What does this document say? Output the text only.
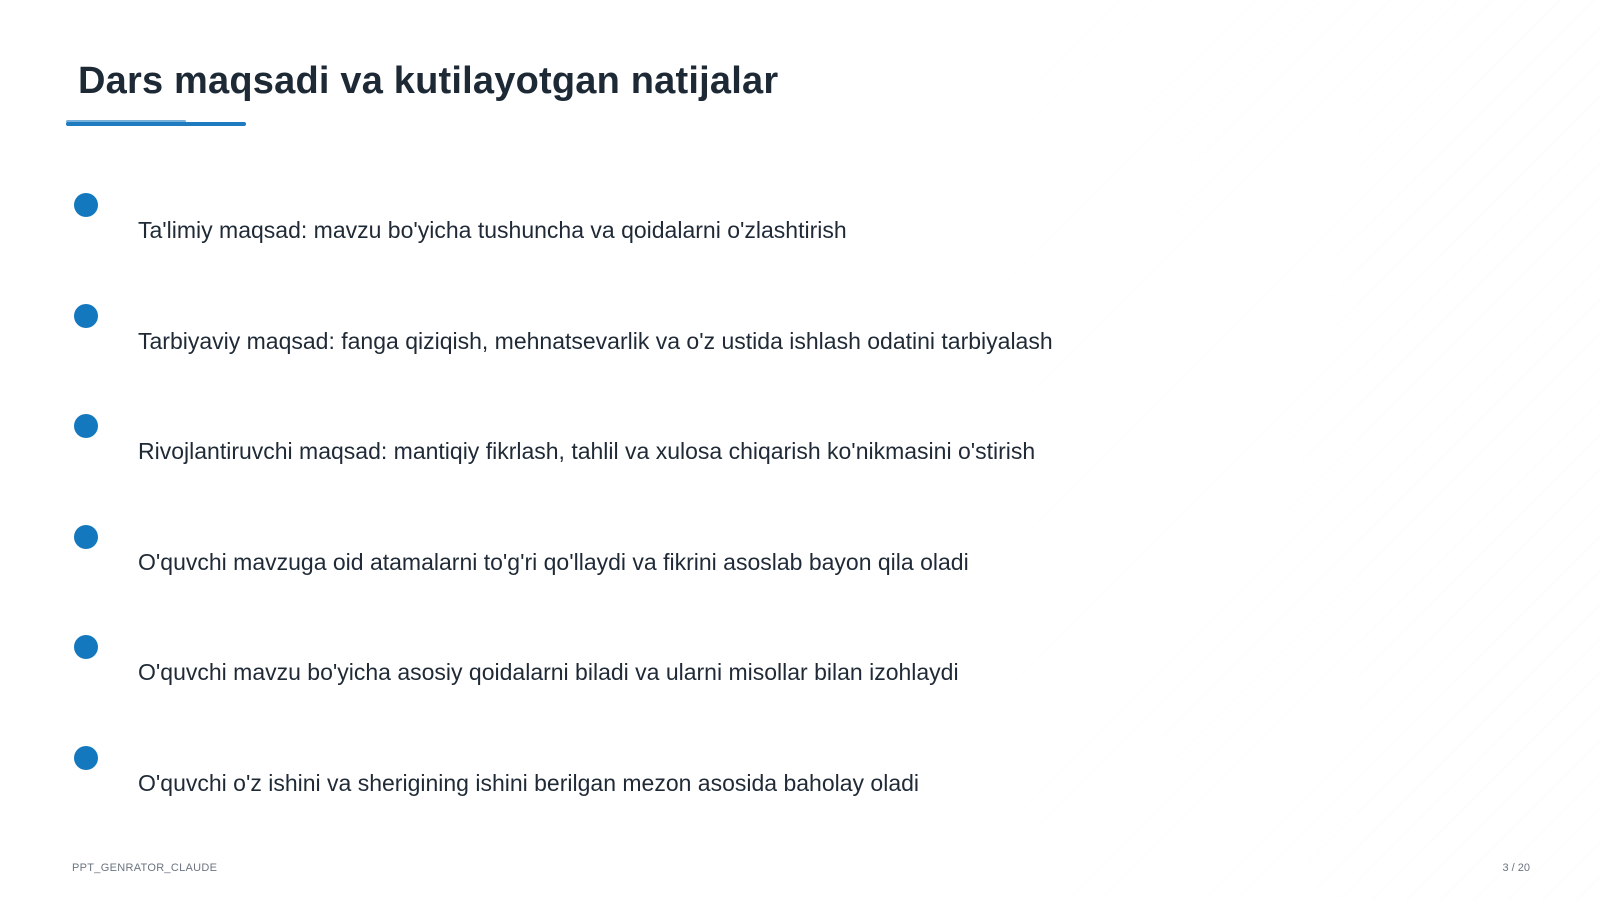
Dars maqsadi va kutilayotgan natijalar
Ta'limiy maqsad: mavzu bo'yicha tushuncha va qoidalarni o'zlashtirish
Tarbiyaviy maqsad: fanga qiziqish, mehnatsevarlik va o'z ustida ishlash odatini tarbiyalash
Rivojlantiruvchi maqsad: mantiqiy fikrlash, tahlil va xulosa chiqarish ko'nikmasini o'stirish
O'quvchi mavzuga oid atamalarni to'g'ri qo'llaydi va fikrini asoslab bayon qila oladi
O'quvchi mavzu bo'yicha asosiy qoidalarni biladi va ularni misollar bilan izohlaydi
O'quvchi o'z ishini va sherigining ishini berilgan mezon asosida baholay oladi
PPT_GENRATOR_CLAUDE	3 / 20
